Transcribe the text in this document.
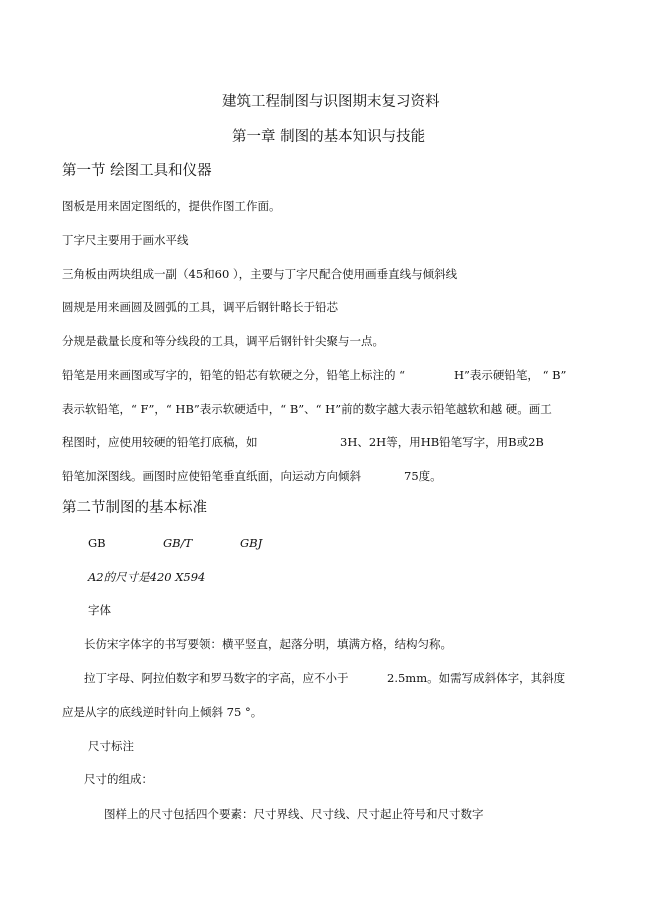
建筑工程制图与识图期末复习资料
第一章 制图的基本知识与技能
第一节 绘图工具和仪器
图板是用来固定图纸的，提供作图工作面。
丁字尺主要用于画水平线
三角板由两块组成一副（45和60 ），主要与丁字尺配合使用画垂直线与倾斜线
圆规是用来画圆及圆弧的工具，调平后钢针略长于铅芯
分规是截量长度和等分线段的工具，调平后钢针针尖聚与一点。
铅笔是用来画图或写字的，铅笔的铅芯有软硬之分，铅笔上标注的 “	H”表示硬铅笔， “ B”
表示软铅笔，“ F”，“ HB”表示软硬适中，“ B”、“ H”前的数字越大表示铅笔越软和越 硬。画工
程图时，应使用较硬的铅笔打底稿，如	3H、2H等，用HB铅笔写字，用B或2B
铅笔加深图线。画图时应使铅笔垂直纸面，向运动方向倾斜	75度。
第二节制图的基本标准
GB	GB/T	GBJ
A2的尺寸是420 X594
字体
长仿宋字体字的书写要领：横平竖直，起落分明，填满方格，结构匀称。
拉丁字母、阿拉伯数字和罗马数字的字高，应不小于	2.5mm。如需写成斜体字，其斜度
应是从字的底线逆时针向上倾斜 75 °。
尺寸标注
尺寸的组成：
图样上的尺寸包括四个要素：尺寸界线、尺寸线、尺寸起止符号和尺寸数字
